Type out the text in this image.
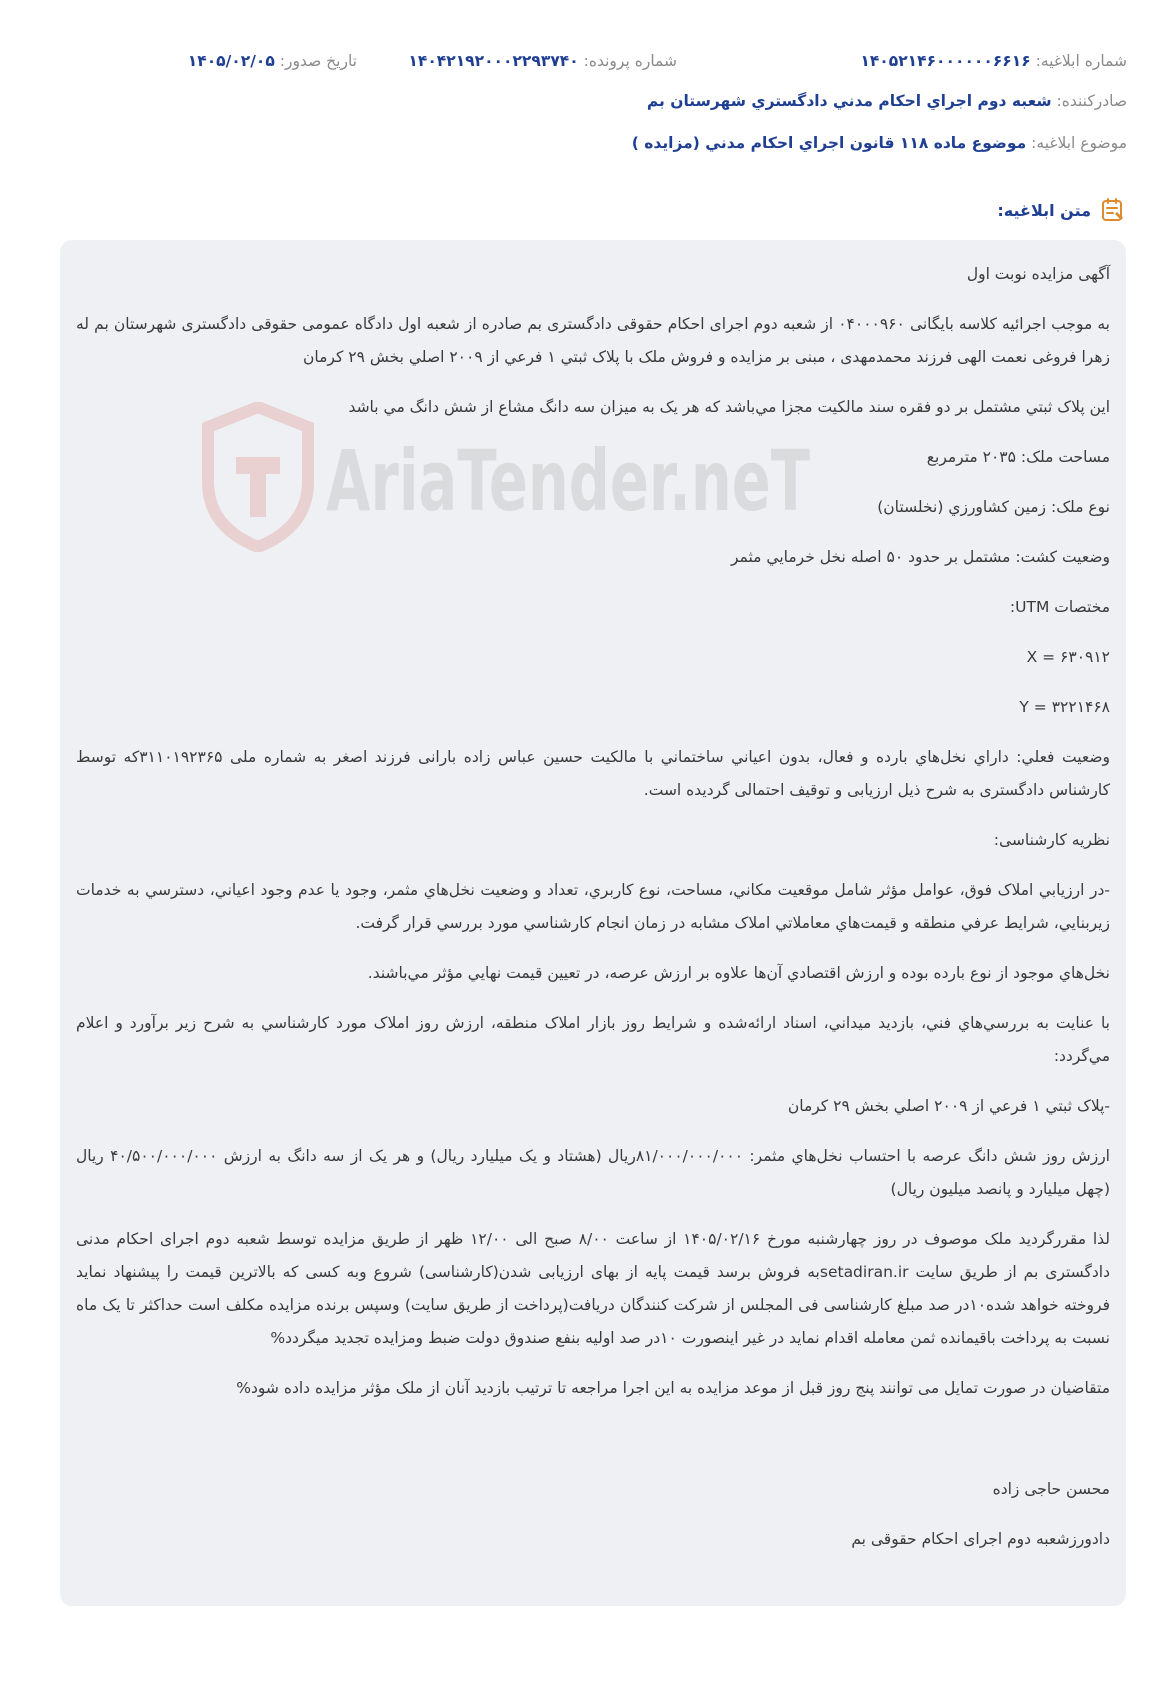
شماره ابلاغیه:

۱۴۰۵۲۱۴۶۰۰۰۰۰۰۶۶۱۶
شماره پرونده:

۱۴۰۴۲۱۹۲۰۰۰۲۲۹۳۷۴۰
تاریخ صدور:

۱۴۰۵/۰۲/۰۵
صادرکننده:

شعبه دوم اجراي احکام مدني دادگستري شهرستان بم
موضوع ابلاغیه:

موضوع ماده ۱۱۸ قانون اجراي احکام مدني (مزايده )
متن ابلاغیه:

آگهی مزایده نوبت اول

به موجب اجرائیه کلاسه بایگانی ۰۴۰۰۰۹۶۰ از شعبه دوم اجرای احکام حقوقی دادگستری بم صادره از شعبه اول دادگاه عمومی حقوقی دادگستری شهرستان بم له زهرا فروغی نعمت الهی فرزند محمدمهدی ، مبنی بر مزایده و فروش ملک با پلاک ثبتي ۱ فرعي از ۲۰۰۹ اصلي بخش ۲۹ کرمان

اين پلاک ثبتي مشتمل بر دو فقره سند مالکيت مجزا مي‌باشد که هر يک به ميزان سه دانگ مشاع از شش دانگ مي باشد

مساحت ملک: ۲۰۳۵ مترمربع

نوع ملک: زمين کشاورزي (نخلستان)

وضعيت کشت: مشتمل بر حدود ۵۰ اصله نخل خرمايي مثمر

مختصات UTM:

X = ۶۳۰۹۱۲

Y = ۳۲۲۱۴۶۸

وضعيت فعلي: داراي نخل‌هاي بارده و فعال، بدون اعياني ساختماني با مالکيت حسین عباس زاده بارانی فرزند اصغر به شماره ملی ۳۱۱۰۱۹۲۳۶۵که توسط کارشناس دادگستری به شرح ذیل ارزیابی و توقیف احتمالی گردیده است.

نظريه کارشناسی:

-در ارزيابي املاک فوق، عوامل مؤثر شامل موقعيت مکاني، مساحت، نوع کاربري، تعداد و وضعيت نخل‌هاي مثمر، وجود يا عدم وجود اعياني، دسترسي به خدمات زيربنايي، شرايط عرفي منطقه و قيمت‌هاي معاملاتي املاک مشابه در زمان انجام کارشناسي مورد بررسي قرار گرفت.

نخل‌هاي موجود از نوع بارده بوده و ارزش اقتصادي آن‌ها علاوه بر ارزش عرصه، در تعيين قيمت نهايي مؤثر مي‌باشند.

با عنايت به بررسي‌هاي فني، بازديد ميداني، اسناد ارائه‌شده و شرايط روز بازار املاک منطقه، ارزش روز املاک مورد کارشناسي به شرح زير برآورد و اعلام مي‌گردد:

-پلاک ثبتي ۱ فرعي از ۲۰۰۹ اصلي بخش ۲۹ کرمان

ارزش روز شش دانگ عرصه با احتساب نخل‌هاي مثمر: ۸۱/۰۰۰/۰۰۰/۰۰۰ريال (هشتاد و يک ميليارد ريال) و هر يک از سه دانگ به ارزش ۴۰/۵۰۰/۰۰۰/۰۰۰ ريال (چهل ميليارد و پانصد ميليون ريال)

لذا مقررگردید ملک موصوف در روز چهارشنبه مورخ ۱۴۰۵/۰۲/۱۶ از ساعت ۸/۰۰ صبح الی ۱۲/۰۰ ظهر از طریق مزایده توسط شعبه دوم اجرای احکام مدنی دادگستری بم از طریق سایت setadiran.irبه فروش برسد قیمت پایه از بهای ارزیابی شدن(کارشناسی) شروع وبه کسی که بالاترین قیمت را پیشنهاد نماید فروخته خواهد شده۱۰در صد مبلغ کارشناسی فی المجلس از شرکت کنندگان دریافت(پرداخت از طریق سایت) وسپس برنده مزایده مکلف است حداکثر تا یک ماه نسبت به پرداخت باقیمانده ثمن معامله اقدام نماید در غیر اینصورت ۱۰در صد اولیه بنفع صندوق دولت ضبط ومزایده تجدید میگردد%

متقاضیان در صورت تمایل می توانند پنج روز قبل از موعد مزایده به این اجرا مراجعه تا ترتیب بازدید آنان از ملک مؤثر مزایده داده شود%

محسن حاجی زاده

دادورزشعبه دوم اجرای احکام حقوقی بم

AriaTender.neT
